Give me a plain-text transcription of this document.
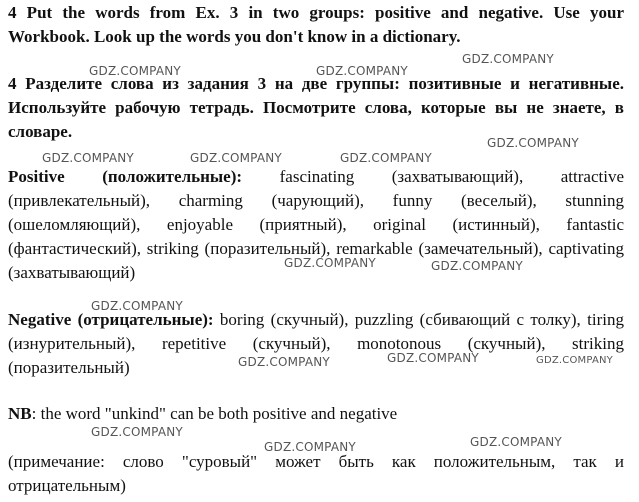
4 Put the words from Ex. 3 in two groups: positive and negative. Use your Workbook. Look up the words you don't know in a dictionary.

4 Разделите слова из задания 3 на две группы: позитивные и негативные. Используйте рабочую тетрадь. Посмотрите слова, которые вы не знаете, в словаре.

Positive (положительные): fascinating (захватывающий), attractive (привлекательный), charming (чарующий), funny (веселый), stunning (ошеломляющий), enjoyable (приятный), original (истинный), fantastic (фантастический), striking (поразительный), remarkable (замечательный), captivating (захватывающий)

Negative (отрицательные): boring (скучный), puzzling (сбивающий с толку), tiring (изнурительный), repetitive (скучный), monotonous (скучный), striking (поразительный)

NB: the word "unkind" can be both positive and negative

(примечание: слово "суровый" может быть как положительным, так и отрицательным)

GDZ.COMPANY
GDZ.COMPANY	GDZ.COMPANY
GDZ.COMPANY
GDZ.COMPANY	GDZ.COMPANY	GDZ.COMPANY
GDZ.COMPANY	GDZ.COMPANY
GDZ.COMPANY
GDZ.COMPANY	GDZ.COMPANY	GDZ.COMPANY
GDZ.COMPANY
GDZ.COMPANY
GDZ.COMPANY
